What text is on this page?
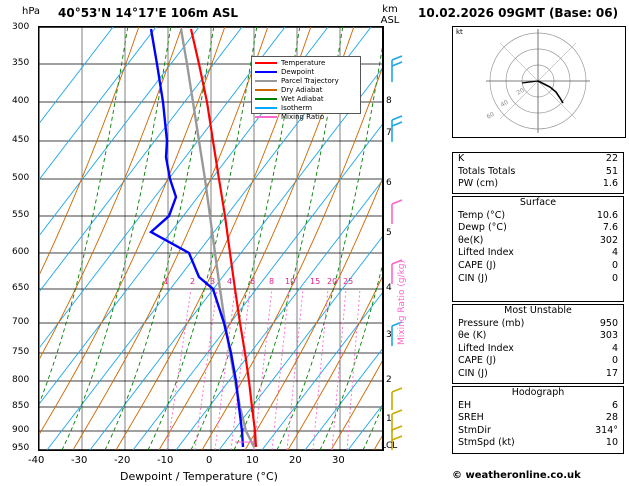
hPa 40°53'N 14°17'E 106m ASL	km
ASL
10.02.2026 09GMT (Base: 06)
Dewpoint / Temperature (°C)	© weatheronline.co.uk
1	2 3 4 6 8 10 15 20 25
Temperature
Dewpoint
Parcel Trajectory
Dry Adiabat
Wet Adiabat
Isotherm
Mixing Ratio
300
350
400
450
500
550
600
650
700
750
800
850
900
950
-40	-30	-20	-10	0	10	20	30
8
7
6
5
4
3
2
1
LCL
Mixing Ratio (g/kg)
kt
20
40
60
K	22
Totals Totals	51
PW (cm)	1.6
Surface
Temp (°C)	10.6
Dewp (°C)	7.6
θe(K)	302
Lifted Index	4
CAPE (J)	0
CIN (J)	0
Most Unstable
Pressure (mb)	950
θe (K)	303
Lifted Index	4
CAPE (J)	0
CIN (J)	17
Hodograph
EH	6
SREH	28
StmDir	314°
StmSpd (kt)	10
